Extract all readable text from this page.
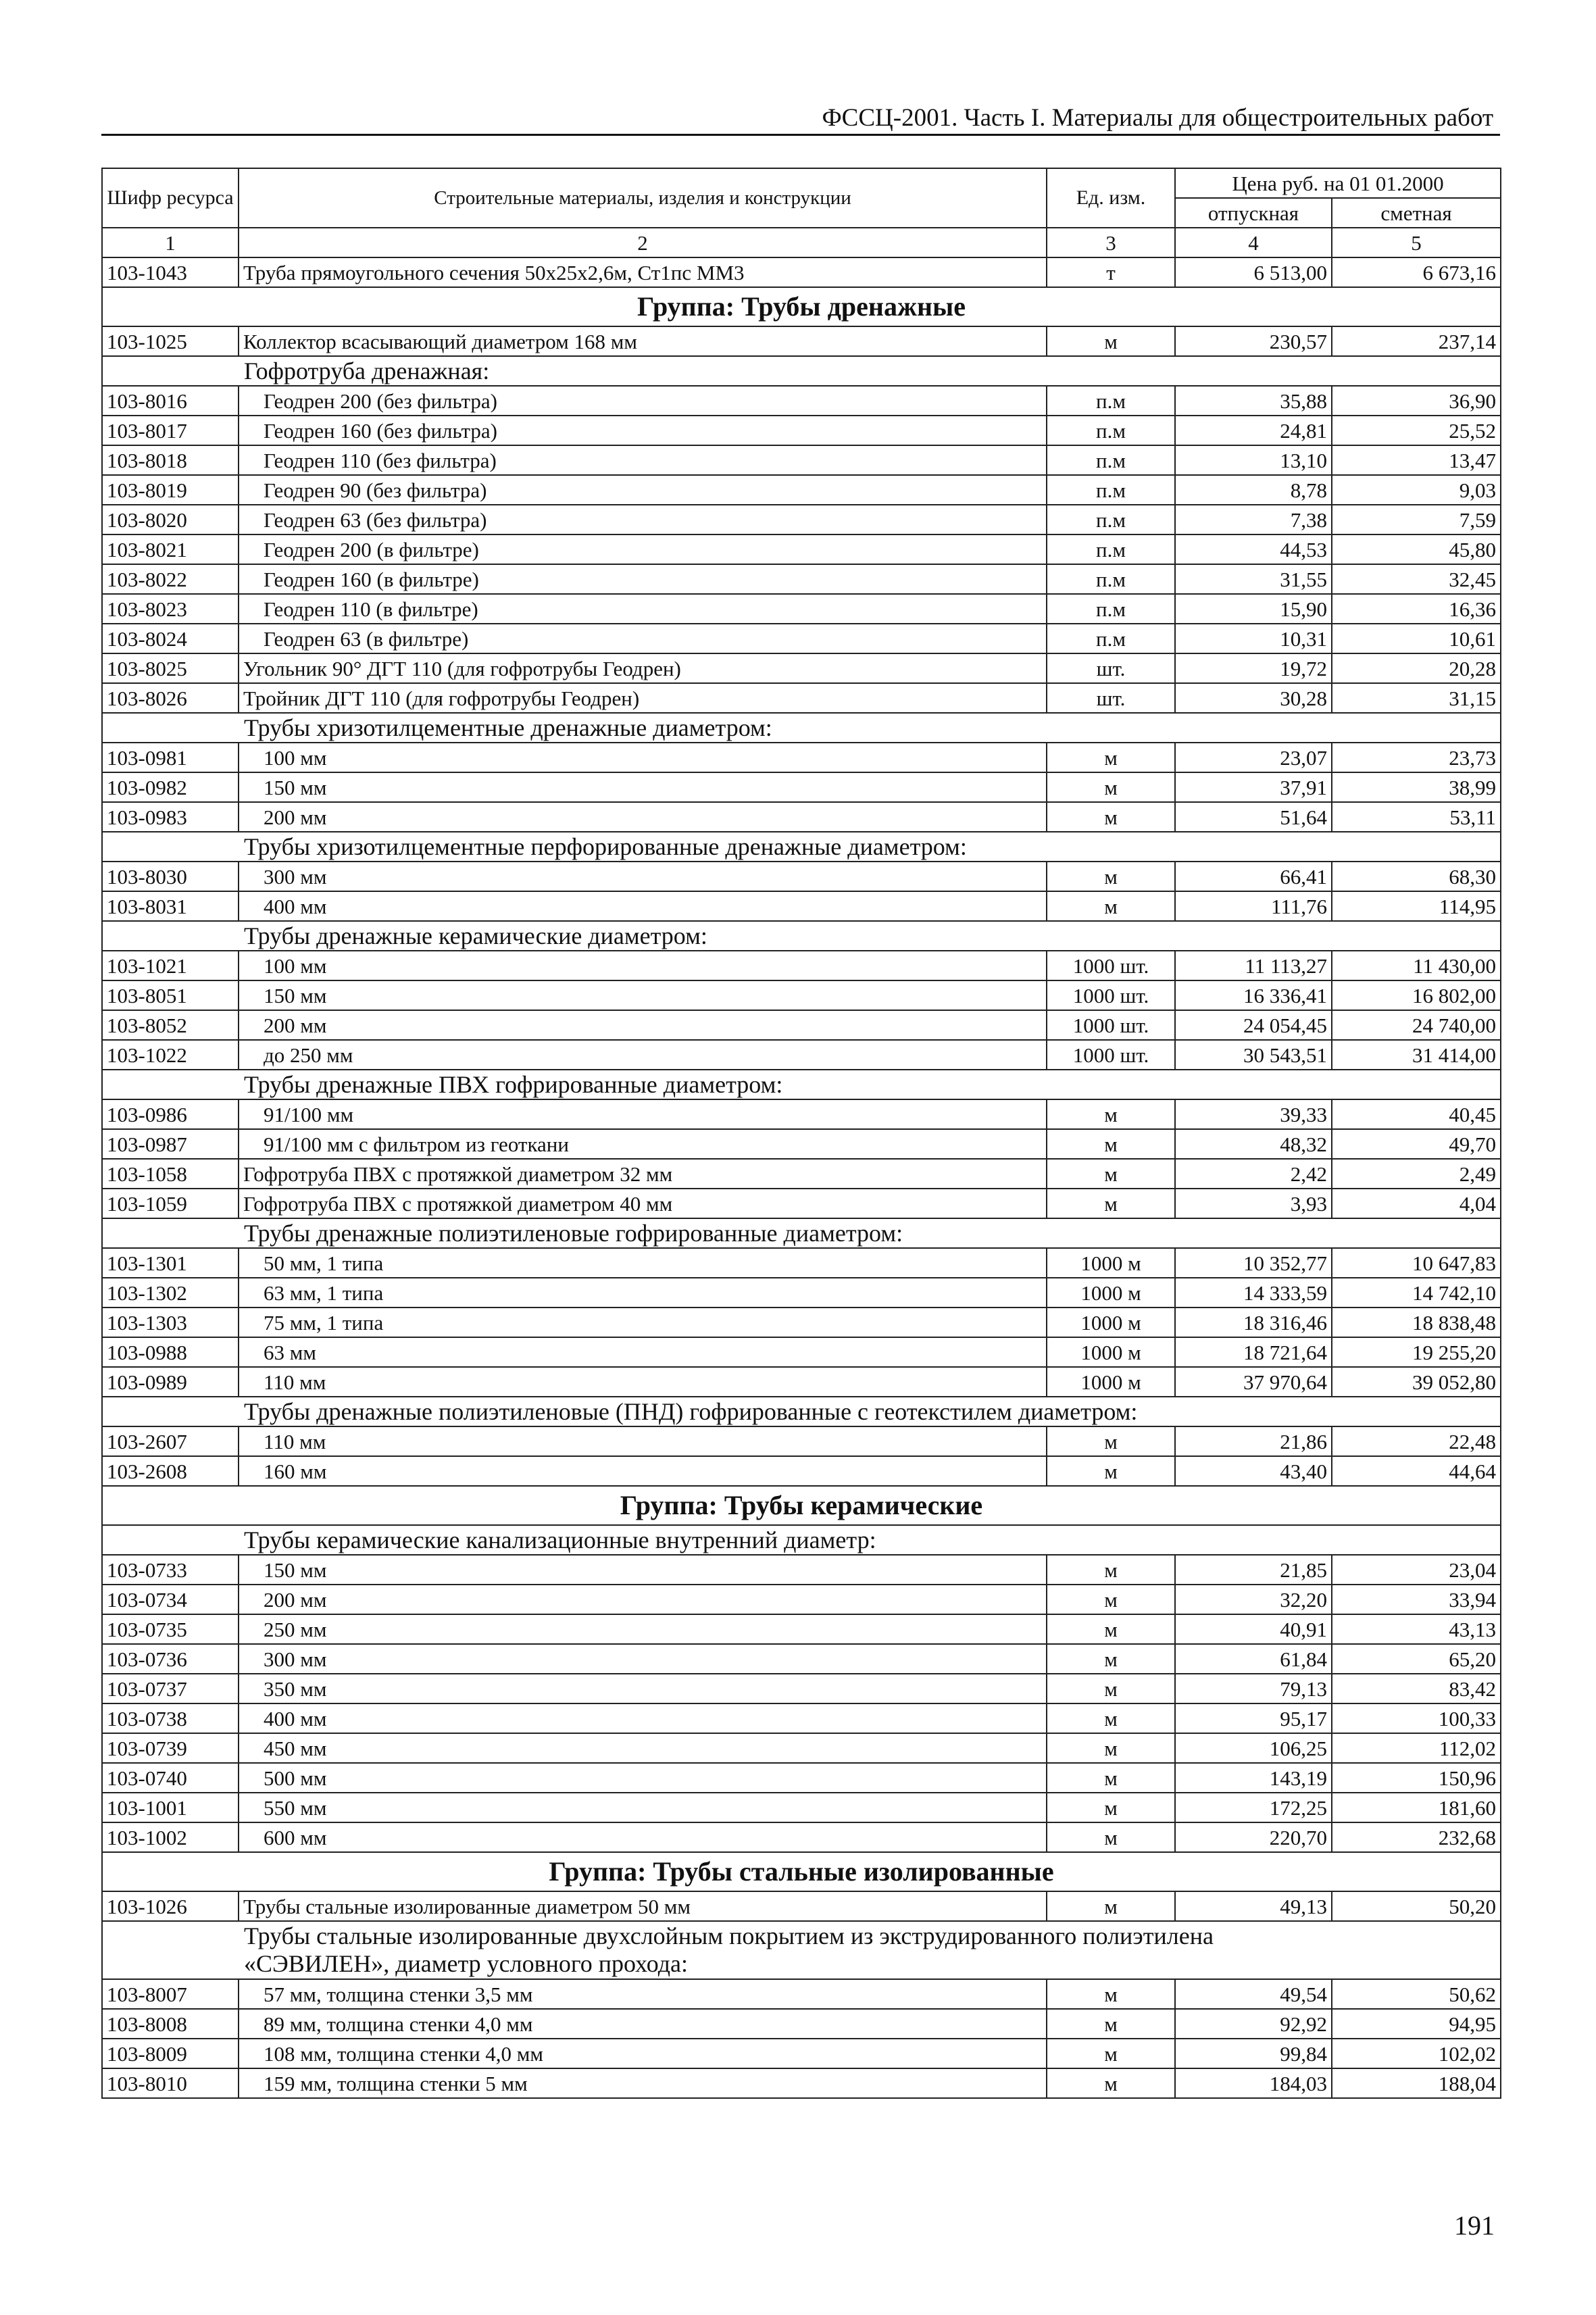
ФССЦ-2001. Часть I. Материалы для общестроительных работ
Шифр ресурса	Строительные материалы, изделия и конструкции	Ед. изм.	Цена руб. на 01 01.2000	
			отпускная	сметная
1	2	3	4	5
103-1043	Труба прямоугольного сечения 50х25х2,6м, Ст1пс ММ3	т	6 513,00	6 673,16
Группа: Трубы дренажные				
103-1025	Коллектор всасывающий диаметром 168 мм	м	230,57	237,14
	Гофротруба дренажная:			
103-8016	Геодрен 200 (без фильтра)	п.м	35,88	36,90
103-8017	Геодрен 160 (без фильтра)	п.м	24,81	25,52
103-8018	Геодрен 110 (без фильтра)	п.м	13,10	13,47
103-8019	Геодрен 90 (без фильтра)	п.м	8,78	9,03
103-8020	Геодрен 63 (без фильтра)	п.м	7,38	7,59
103-8021	Геодрен 200 (в фильтре)	п.м	44,53	45,80
103-8022	Геодрен 160 (в фильтре)	п.м	31,55	32,45
103-8023	Геодрен 110 (в фильтре)	п.м	15,90	16,36
103-8024	Геодрен 63 (в фильтре)	п.м	10,31	10,61
103-8025	Угольник 90° ДГТ 110 (для гофротрубы Геодрен)	шт.	19,72	20,28
103-8026	Тройник ДГТ 110 (для гофротрубы Геодрен)	шт.	30,28	31,15
	Трубы хризотилцементные дренажные диаметром:			
103-0981	100 мм	м	23,07	23,73
103-0982	150 мм	м	37,91	38,99
103-0983	200 мм	м	51,64	53,11
	Трубы хризотилцементные перфорированные дренажные диаметром:			
103-8030	300 мм	м	66,41	68,30
103-8031	400 мм	м	111,76	114,95
	Трубы дренажные керамические диаметром:			
103-1021	100 мм	1000 шт.	11 113,27	11 430,00
103-8051	150 мм	1000 шт.	16 336,41	16 802,00
103-8052	200 мм	1000 шт.	24 054,45	24 740,00
103-1022	до 250 мм	1000 шт.	30 543,51	31 414,00
	Трубы дренажные ПВХ гофрированные диаметром:			
103-0986	91/100 мм	м	39,33	40,45
103-0987	91/100 мм с фильтром из геоткани	м	48,32	49,70
103-1058	Гофротруба ПВХ с протяжкой диаметром 32 мм	м	2,42	2,49
103-1059	Гофротруба ПВХ с протяжкой диаметром 40 мм	м	3,93	4,04
	Трубы дренажные полиэтиленовые гофрированные диаметром:			
103-1301	50 мм, 1 типа	1000 м	10 352,77	10 647,83
103-1302	63 мм, 1 типа	1000 м	14 333,59	14 742,10
103-1303	75 мм, 1 типа	1000 м	18 316,46	18 838,48
103-0988	63 мм	1000 м	18 721,64	19 255,20
103-0989	110 мм	1000 м	37 970,64	39 052,80
	Трубы дренажные полиэтиленовые (ПНД) гофрированные с геотекстилем диаметром:			
103-2607	110 мм	м	21,86	22,48
103-2608	160 мм	м	43,40	44,64
Группа: Трубы керамические				
	Трубы керамические канализационные внутренний диаметр:			
103-0733	150 мм	м	21,85	23,04
103-0734	200 мм	м	32,20	33,94
103-0735	250 мм	м	40,91	43,13
103-0736	300 мм	м	61,84	65,20
103-0737	350 мм	м	79,13	83,42
103-0738	400 мм	м	95,17	100,33
103-0739	450 мм	м	106,25	112,02
103-0740	500 мм	м	143,19	150,96
103-1001	550 мм	м	172,25	181,60
103-1002	600 мм	м	220,70	232,68
Группа: Трубы стальные изолированные				
103-1026	Трубы стальные изолированные диаметром 50 мм	м	49,13	50,20

	Трубы стальные изолированные двухслойным покрытием из экструдированного полиэтилена
«СЭВИЛЕН», диаметр условного прохода:			

103-8007	57 мм, толщина стенки 3,5 мм	м	49,54	50,62
103-8008	89 мм, толщина стенки 4,0 мм	м	92,92	94,95
103-8009	108 мм, толщина стенки 4,0 мм	м	99,84	102,02
103-8010	159 мм, толщина стенки 5 мм	м	184,03	188,04
191
